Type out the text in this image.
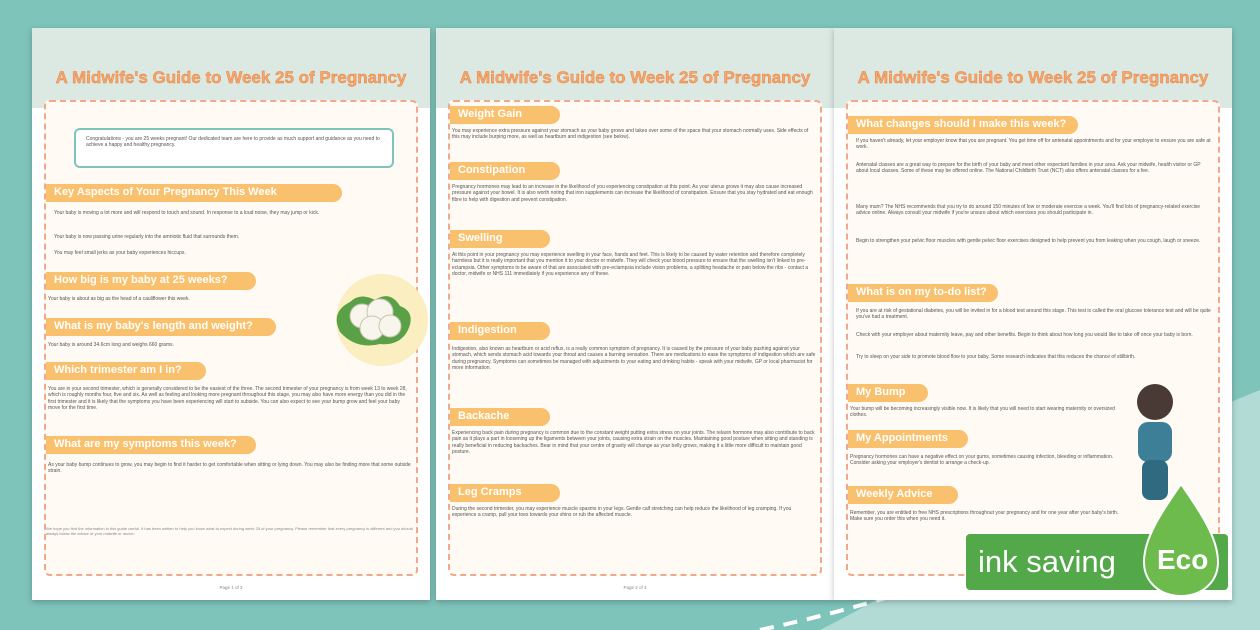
A Midwife's Guide to Week 25 of Pregnancy
Congratulations - you are 25 weeks pregnant! Our dedicated team are here to provide as much support and guidance as you need to achieve a happy and healthy pregnancy.
Key Aspects of Your Pregnancy This Week
Your baby is moving a lot more and will respond to touch and sound. In response to a loud noise, they may jump or kick.
Your baby is now passing urine regularly into the amniotic fluid that surrounds them.
You may feel small jerks as your baby experiences hiccups.
How big is my baby at 25 weeks?
Your baby is about as big as the head of a cauliflower this week.
What is my baby's length and weight?
Your baby is around 34.6cm long and weighs 660 grams.
Which trimester am I in?
You are in your second trimester, which is generally considered to be the easiest of the three. The second trimester of your pregnancy is from week 13 to week 28, which is roughly months four, five and six. As well as feeling and looking more pregnant throughout this stage, you may also have more energy than you did in the first trimester and it is likely that the symptoms you have been experiencing will start to subside. You can also expect to see your bump grow and feel your baby move for the first time.
What are my symptoms this week?
As your baby bump continues to grow, you may begin to find it harder to get comfortable when sitting or lying down. You may also be finding more that some outside strain.
We hope you find the information in this guide useful. It has been written to help you know what to expect during week 25 of your pregnancy. Please remember that every pregnancy is different and you should always follow the advice of your midwife or doctor.
Page 1 of 3
A Midwife's Guide to Week 25 of Pregnancy
Weight Gain
You may experience extra pressure against your stomach as your baby grows and takes over some of the space that your stomach normally uses. Side effects of this may include burping more, as well as heartburn and indigestion (see below).
Constipation
Pregnancy hormones may lead to an increase in the likelihood of you experiencing constipation at this point. As your uterus grows it may also cause increased pressure against your bowel. It is also worth noting that iron supplements can increase the likelihood of constipation. Ensure that you stay hydrated and eat enough fibre to help with digestion and prevent constipation.
Swelling
At this point in your pregnancy you may experience swelling in your face, hands and feet. This is likely to be caused by water retention and therefore completely harmless but it is really important that you mention it to your doctor or midwife. They will check your blood pressure to ensure that the swelling isn't linked to pre-eclampsia. Other symptoms to be aware of that are associated with pre-eclampsia include vision problems, a splitting headache or pain below the ribs - contact a doctor, midwife or NHS 111 immediately if you experience any of these.
Indigestion
Indigestion, also known as heartburn or acid reflux, is a really common symptom of pregnancy. It is caused by the pressure of your baby pushing against your stomach, which sends stomach acid towards your throat and causes a burning sensation. There are medications to ease the symptoms of indigestion which are safe during pregnancy. Symptoms can sometimes be managed with adjustments to your eating and drinking habits - speak with your midwife, GP or local pharmacist for more information.
Backache
Experiencing back pain during pregnancy is common due to the constant weight putting extra stress on your joints. The relaxin hormone may also contribute to back pain as it plays a part in loosening up the ligaments between your joints, causing extra strain on the muscles. Maintaining good posture when sitting and standing is really beneficial in reducing backaches. Bear in mind that your centre of gravity will change as your belly grows, making it a little more difficult to maintain good posture.
Leg Cramps
During the second trimester, you may experience muscle spasms in your legs. Gentle calf stretching can help reduce the likelihood of leg cramping. If you experience a cramp, pull your toes towards your shins or rub the affected muscle.
Page 2 of 3
A Midwife's Guide to Week 25 of Pregnancy
What changes should I make this week?
If you haven't already, let your employer know that you are pregnant. You get time off for antenatal appointments and for your employer to ensure you are safe at work.
Antenatal classes are a great way to prepare for the birth of your baby and meet other expectant families in your area. Ask your midwife, health visitor or GP about local classes. Some of these may be offered online. The National Childbirth Trust (NCT) also offers antenatal classes for a fee.
Many mum? The NHS recommends that you try to do around 150 minutes of low or moderate exercise a week. You'll find lots of pregnancy-related exercise advice online. Always consult your midwife if you're unsure about which exercises you should participate in.
Begin to strengthen your pelvic floor muscles with gentle pelvic floor exercises designed to help prevent you from leaking when you cough, laugh or sneeze.
What is on my to-do list?
If you are at risk of gestational diabetes, you will be invited in for a blood test around this stage. This test is called the oral glucose tolerance test and will be quite you've had a treatment.
Check with your employer about maternity leave, pay and other benefits. Begin to think about how long you would like to take off once your baby is born.
Try to sleep on your side to promote blood flow to your baby. Some research indicates that this reduces the chance of stillbirth.
My Bump
Your bump will be becoming increasingly visible now. It is likely that you will need to start wearing maternity or oversized clothes.
My Appointments
Pregnancy hormones can have a negative effect on your gums, sometimes causing infection, bleeding or inflammation. Consider asking your employer's dentist to arrange a check-up.
Weekly Advice
Remember, you are entitled to free NHS prescriptions throughout your pregnancy and for one year after your baby's birth. Make sure you order this when you need it.
ink saving Eco
